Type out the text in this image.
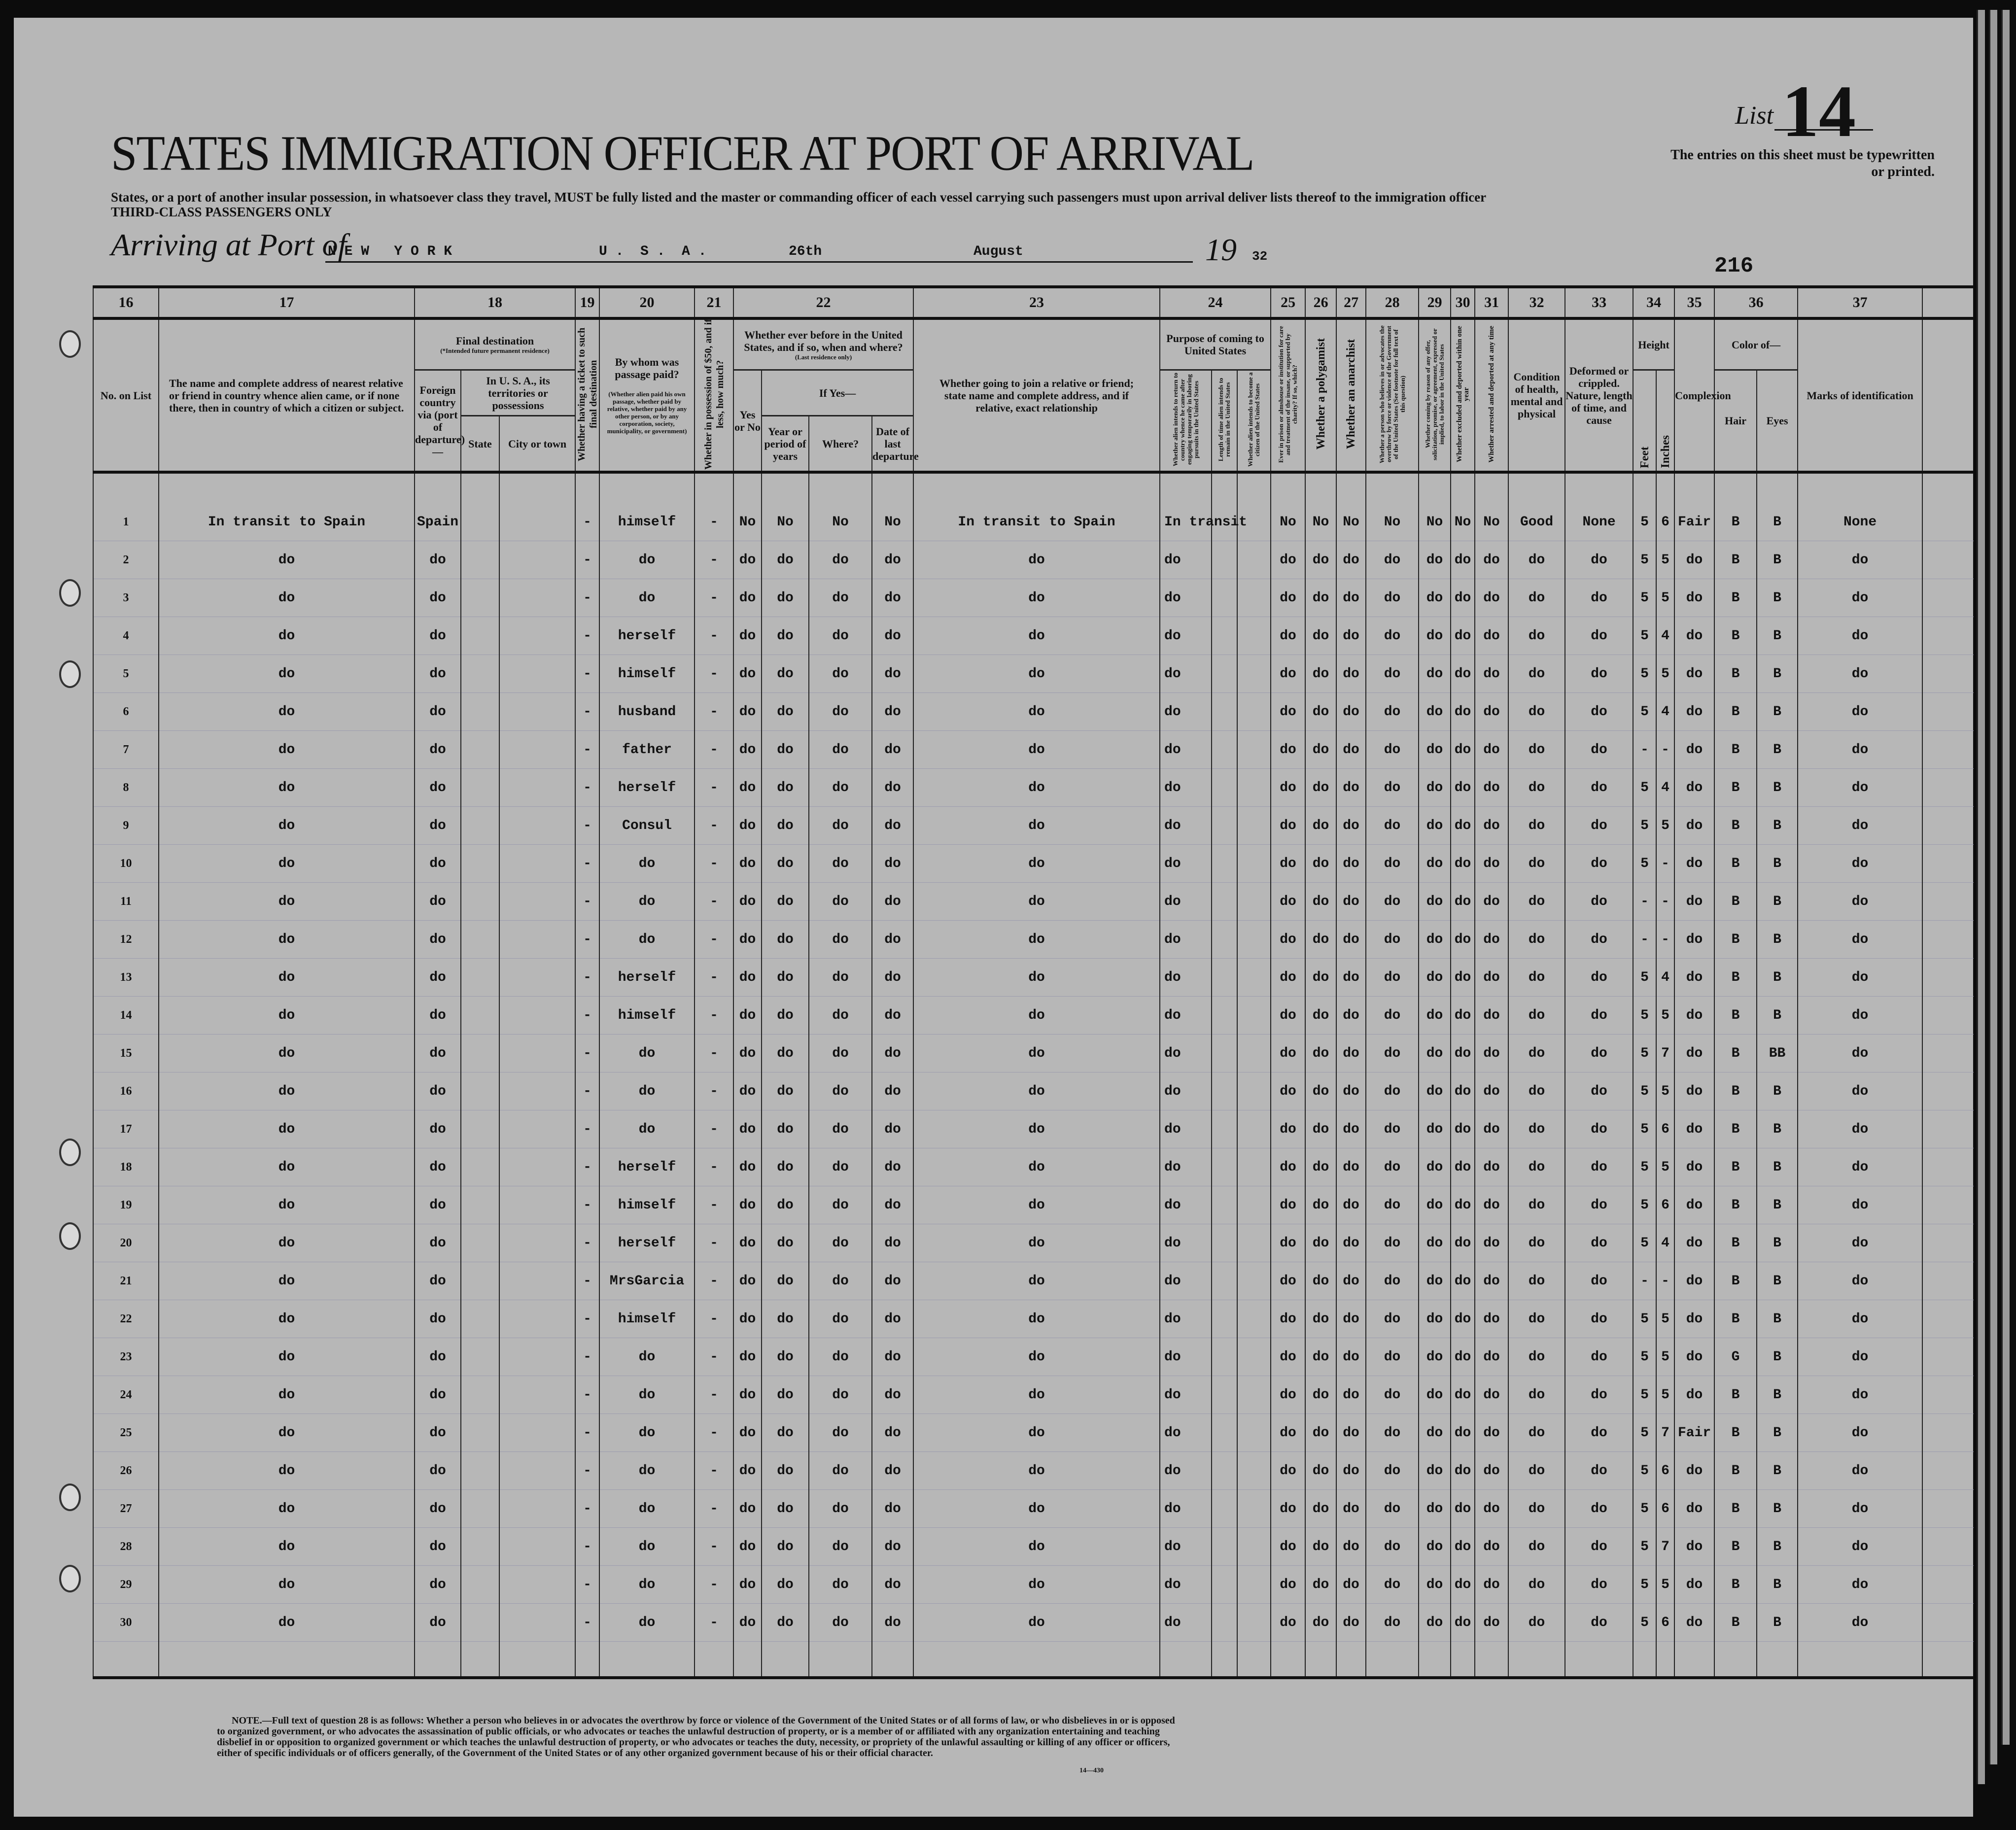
STATES IMMIGRATION OFFICER AT PORT OF ARRIVAL
States, or a port of another insular possession, in whatsoever class they travel, MUST be fully listed and the master or commanding officer of each vessel carrying such passengers must upon arrival deliver lists thereof to the immigration officer
THIRD-CLASS PASSENGERS ONLY
List 14
The entries on this sheet must be typewritten or printed.
Arriving at Port of
N E W   Y O R K	U .  S .  A .	26th	August	19 32	216
16	17	18			19	20	21	22				23	24			25	26	27	28	29	30	31	32	33	34		35	36		37	
No. on List	The name and complete address of nearest relative or friend in country whence alien came, or if none there, then in country of which a citizen or subject.	Final destination
(*Intended future permanent residence)			Whether having a ticket to such final destination	By whom was passage paid?
(Whether alien paid his own passage, whether paid by relative, whether paid by any other person, or by any corporation, society, municipality, or government)	Whether in possession of $50, and if less, how much?	Whether ever before in the United States, and if so, when and where?
(Last residence only)				Whether going to join a relative or friend; state name and complete address, and if relative, exact relationship	Purpose of coming to United States			Ever in prison or almshouse or institution for care and treatment of the insane, or supported by charity? If so, which?	Whether a polygamist	Whether an anarchist	Whether a person who believes in or advocates the overthrow by force or violence of the Government of the United States (See footnote for full text of this question)	Whether coming by reason of any offer, solicitation, promise, or agreement, expressed or implied, to labor in the United States	Whether excluded and deported within one year	Whether arrested and deported at any time	Condition of health, mental and physical	Deformed or crippled. Nature, length of time, and cause	Height		Complexion	Color of—		Marks of identification	
		Foreign country via (port of departure)—	In U. S. A., its territories or possessions					Yes or No	If Yes—				Whether alien intends to return to country whence he came after engaging temporarily in laboring pursuits in the United States	Length of time alien intends to remain in the United States	Whether alien intends to become a citizen of the United States										Feet	Inches		Hair	Eyes		
			State	City or town					Year or period of years	Where?	Date of last departure																				

1	In transit to Spain	Spain			-	himself	-	No	No	No	No	In transit to Spain	In transit			No	No	No	No	No	No	No	Good	None	5	6	Fair	B	B	None	
2	do	do			-	do	-	do	do	do	do	do	do			do	do	do	do	do	do	do	do	do	5	5	do	B	B	do	
3	do	do			-	do	-	do	do	do	do	do	do			do	do	do	do	do	do	do	do	do	5	5	do	B	B	do	
4	do	do			-	herself	-	do	do	do	do	do	do			do	do	do	do	do	do	do	do	do	5	4	do	B	B	do	
5	do	do			-	himself	-	do	do	do	do	do	do			do	do	do	do	do	do	do	do	do	5	5	do	B	B	do	
6	do	do			-	husband	-	do	do	do	do	do	do			do	do	do	do	do	do	do	do	do	5	4	do	B	B	do	
7	do	do			-	father	-	do	do	do	do	do	do			do	do	do	do	do	do	do	do	do	-	-	do	B	B	do	
8	do	do			-	herself	-	do	do	do	do	do	do			do	do	do	do	do	do	do	do	do	5	4	do	B	B	do	
9	do	do			-	Consul	-	do	do	do	do	do	do			do	do	do	do	do	do	do	do	do	5	5	do	B	B	do	
10	do	do			-	do	-	do	do	do	do	do	do			do	do	do	do	do	do	do	do	do	5	-	do	B	B	do	
11	do	do			-	do	-	do	do	do	do	do	do			do	do	do	do	do	do	do	do	do	-	-	do	B	B	do	
12	do	do			-	do	-	do	do	do	do	do	do			do	do	do	do	do	do	do	do	do	-	-	do	B	B	do	
13	do	do			-	herself	-	do	do	do	do	do	do			do	do	do	do	do	do	do	do	do	5	4	do	B	B	do	
14	do	do			-	himself	-	do	do	do	do	do	do			do	do	do	do	do	do	do	do	do	5	5	do	B	B	do	
15	do	do			-	do	-	do	do	do	do	do	do			do	do	do	do	do	do	do	do	do	5	7	do	B	BB	do	
16	do	do			-	do	-	do	do	do	do	do	do			do	do	do	do	do	do	do	do	do	5	5	do	B	B	do	
17	do	do			-	do	-	do	do	do	do	do	do			do	do	do	do	do	do	do	do	do	5	6	do	B	B	do	
18	do	do			-	herself	-	do	do	do	do	do	do			do	do	do	do	do	do	do	do	do	5	5	do	B	B	do	
19	do	do			-	himself	-	do	do	do	do	do	do			do	do	do	do	do	do	do	do	do	5	6	do	B	B	do	
20	do	do			-	herself	-	do	do	do	do	do	do			do	do	do	do	do	do	do	do	do	5	4	do	B	B	do	
21	do	do			-	MrsGarcia	-	do	do	do	do	do	do			do	do	do	do	do	do	do	do	do	-	-	do	B	B	do	
22	do	do			-	himself	-	do	do	do	do	do	do			do	do	do	do	do	do	do	do	do	5	5	do	B	B	do	
23	do	do			-	do	-	do	do	do	do	do	do			do	do	do	do	do	do	do	do	do	5	5	do	G	B	do	
24	do	do			-	do	-	do	do	do	do	do	do			do	do	do	do	do	do	do	do	do	5	5	do	B	B	do	
25	do	do			-	do	-	do	do	do	do	do	do			do	do	do	do	do	do	do	do	do	5	7	Fair	B	B	do	
26	do	do			-	do	-	do	do	do	do	do	do			do	do	do	do	do	do	do	do	do	5	6	do	B	B	do	
27	do	do			-	do	-	do	do	do	do	do	do			do	do	do	do	do	do	do	do	do	5	6	do	B	B	do	
28	do	do			-	do	-	do	do	do	do	do	do			do	do	do	do	do	do	do	do	do	5	7	do	B	B	do	
29	do	do			-	do	-	do	do	do	do	do	do			do	do	do	do	do	do	do	do	do	5	5	do	B	B	do	
30	do	do			-	do	-	do	do	do	do	do	do			do	do	do	do	do	do	do	do	do	5	6	do	B	B	do	

NOTE.—Full text of question 28 is as follows: Whether a person who believes in or advocates the overthrow by force or violence of the Government of the United States or of all forms of law, or who disbelieves in or is opposed to organized government, or who advocates the assassination of public officials, or who advocates or teaches the unlawful destruction of property, or is a member of or affiliated with any organization entertaining and teaching disbelief in or opposition to organized government or which teaches the unlawful destruction of property, or who advocates or teaches the duty, necessity, or propriety of the unlawful assaulting or killing of any officer or officers, either of specific individuals or of officers generally, of the Government of the United States or of any other organized government because of his or their official character.
14—430
